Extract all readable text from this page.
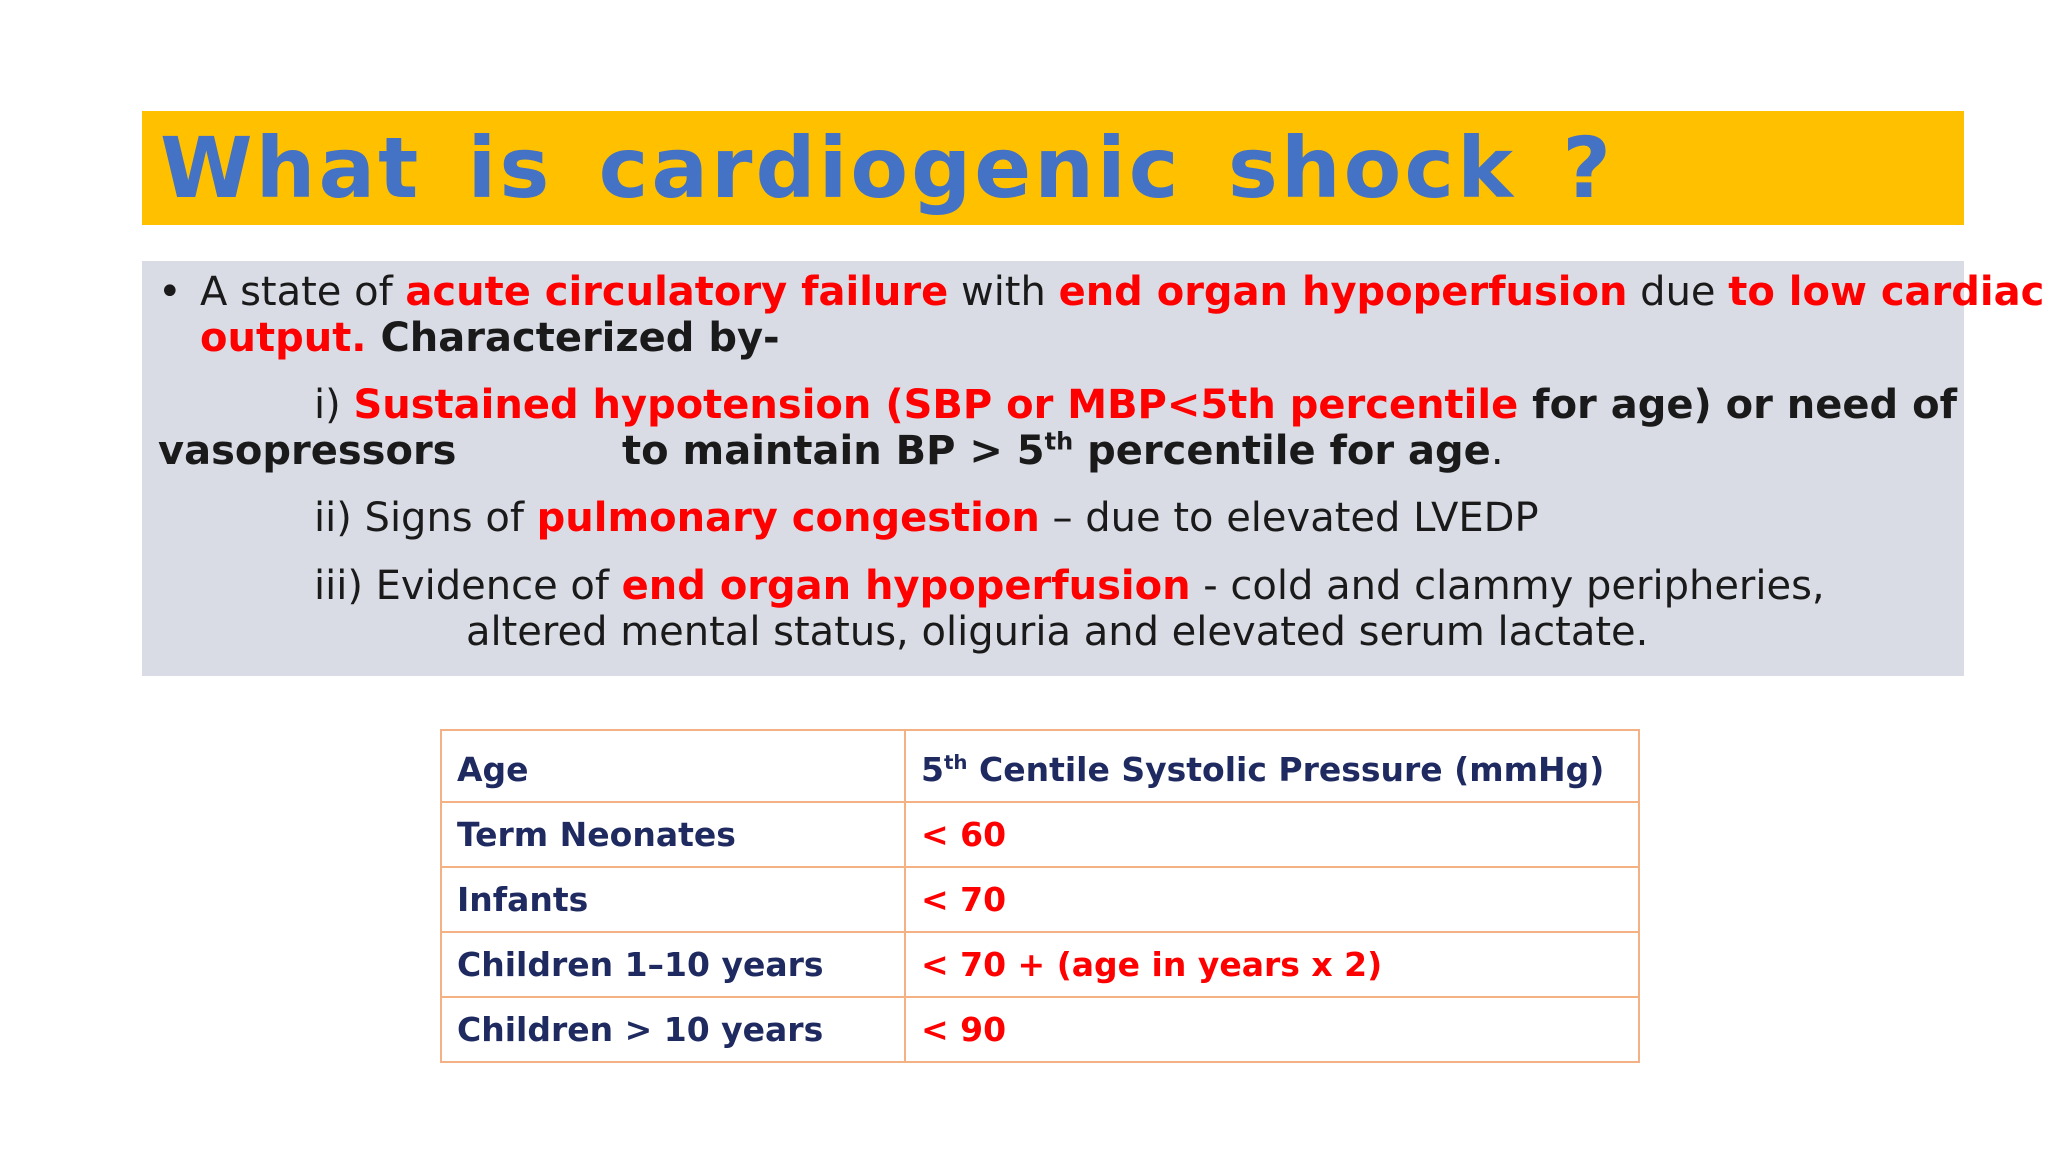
What is cardiogenic shock ?
• A state of acute circulatory failure with end organ hypoperfusion due to low cardiac
output. Characterized by-
i) Sustained hypotension (SBP or MBP<5th percentile for age) or need of
vasopressors	to maintain BP > 5th percentile for age.
ii) Signs of pulmonary congestion – due to elevated LVEDP
iii) Evidence of end organ hypoperfusion - cold and clammy peripheries,
altered mental status, oliguria and elevated serum lactate.
Age	5th Centile Systolic Pressure (mmHg)
Term Neonates	< 60
Infants	< 70
Children 1–10 years	< 70 + (age in years x 2)
Children > 10 years	< 90
